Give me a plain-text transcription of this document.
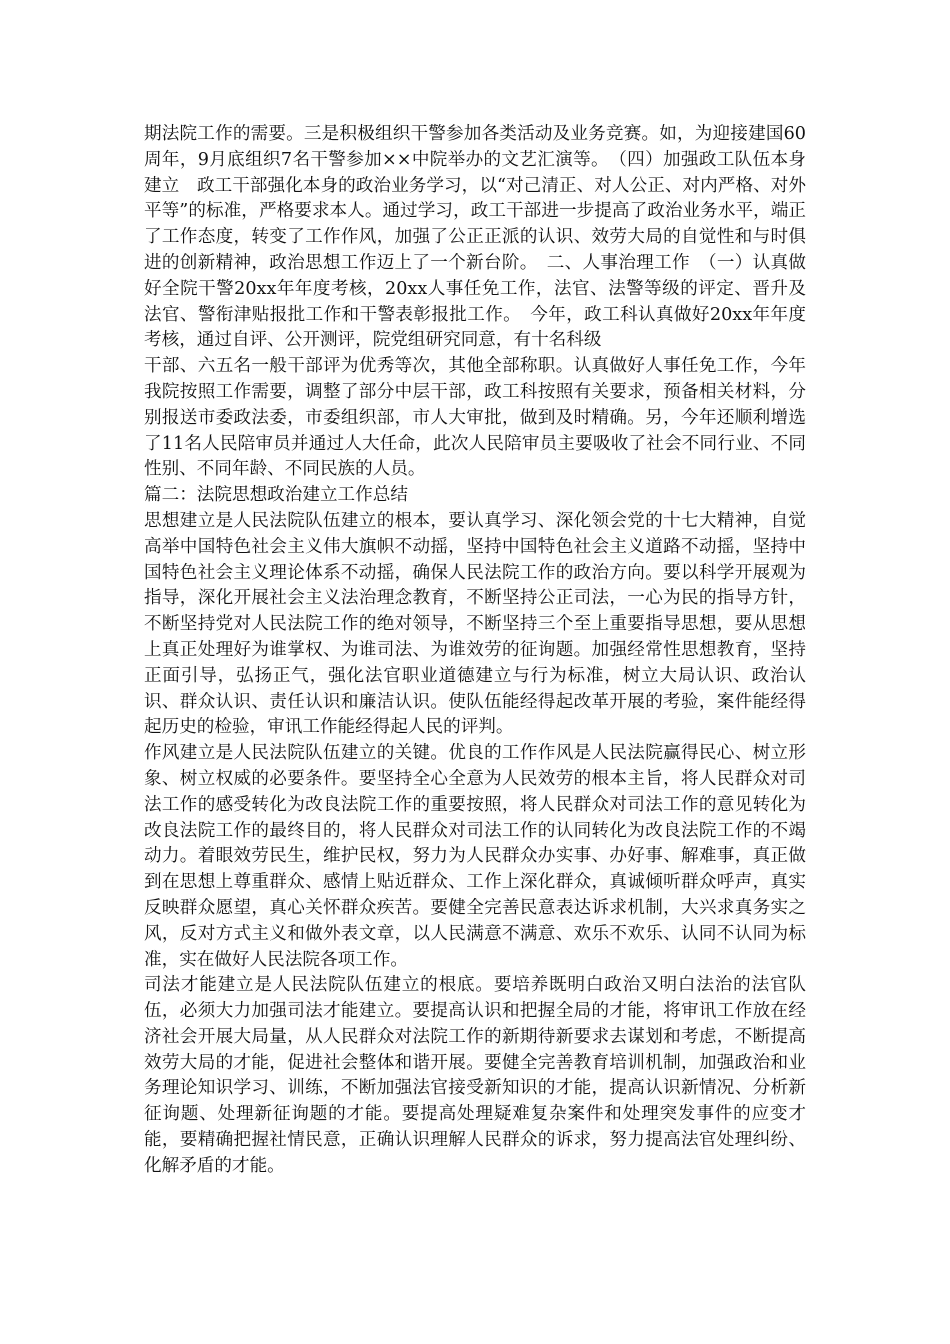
期法院工作的需要。三是积极组织干警参加各类活动及业务竞赛。如，为迎接建国60周年，9月底组织7名干警参加××中院举办的文艺汇演等。　（四）加强政工队伍本身建立　政工干部强化本身的政治业务学习，以“对己清正、对人公正、对内严格、对外平等”的标准，严格要求本人。通过学习，政工干部进一步提高了政治业务水平，端正了工作态度，转变了工作作风，加强了公正正派的认识、效劳大局的自觉性和与时俱进的创新精神，政治思想工作迈上了一个新台阶。　二、人事治理工作　（一）认真做好全院干警20xx年年度考核，20xx人事任免工作，法官、法警等级的评定、晋升及法官、警衔津贴报批工作和干警表彰报批工作。　今年，政工科认真做好20xx年年度考核，通过自评、公开测评，院党组研究同意，有十名科级

干部、六五名一般干部评为优秀等次，其他全部称职。认真做好人事任免工作，今年我院按照工作需要，调整了部分中层干部，政工科按照有关要求，预备相关材料，分别报送市委政法委，市委组织部，市人大审批，做到及时精确。另，今年还顺利增选了11名人民陪审员并通过人大任命，此次人民陪审员主要吸收了社会不同行业、不同性别、不同年龄、不同民族的人员。

篇二：法院思想政治建立工作总结

思想建立是人民法院队伍建立的根本，要认真学习、深化领会党的十七大精神，自觉高举中国特色社会主义伟大旗帜不动摇，坚持中国特色社会主义道路不动摇，坚持中国特色社会主义理论体系不动摇，确保人民法院工作的政治方向。要以科学开展观为指导，深化开展社会主义法治理念教育，不断坚持公正司法，一心为民的指导方针，不断坚持党对人民法院工作的绝对领导，不断坚持三个至上重要指导思想，要从思想上真正处理好为谁掌权、为谁司法、为谁效劳的征询题。加强经常性思想教育，坚持正面引导，弘扬正气，强化法官职业道德建立与行为标准，树立大局认识、政治认识、群众认识、责任认识和廉洁认识。使队伍能经得起改革开展的考验，案件能经得起历史的检验，审讯工作能经得起人民的评判。

作风建立是人民法院队伍建立的关键。优良的工作作风是人民法院赢得民心、树立形象、树立权威的必要条件。要坚持全心全意为人民效劳的根本主旨，将人民群众对司法工作的感受转化为改良法院工作的重要按照，将人民群众对司法工作的意见转化为改良法院工作的最终目的，将人民群众对司法工作的认同转化为改良法院工作的不竭动力。着眼效劳民生，维护民权，努力为人民群众办实事、办好事、解难事，真正做到在思想上尊重群众、感情上贴近群众、工作上深化群众，真诚倾听群众呼声，真实反映群众愿望，真心关怀群众疾苦。要健全完善民意表达诉求机制，大兴求真务实之风，反对方式主义和做外表文章，以人民满意不满意、欢乐不欢乐、认同不认同为标准，实在做好人民法院各项工作。

司法才能建立是人民法院队伍建立的根底。要培养既明白政治又明白法治的法官队伍，必须大力加强司法才能建立。要提高认识和把握全局的才能，将审讯工作放在经济社会开展大局量，从人民群众对法院工作的新期待新要求去谋划和考虑，不断提高效劳大局的才能，促进社会整体和谐开展。要健全完善教育培训机制，加强政治和业务理论知识学习、训练，不断加强法官接受新知识的才能，提高认识新情况、分析新征询题、处理新征询题的才能。要提高处理疑难复杂案件和处理突发事件的应变才能，要精确把握社情民意，正确认识理解人民群众的诉求，努力提高法官处理纠纷、化解矛盾的才能。
